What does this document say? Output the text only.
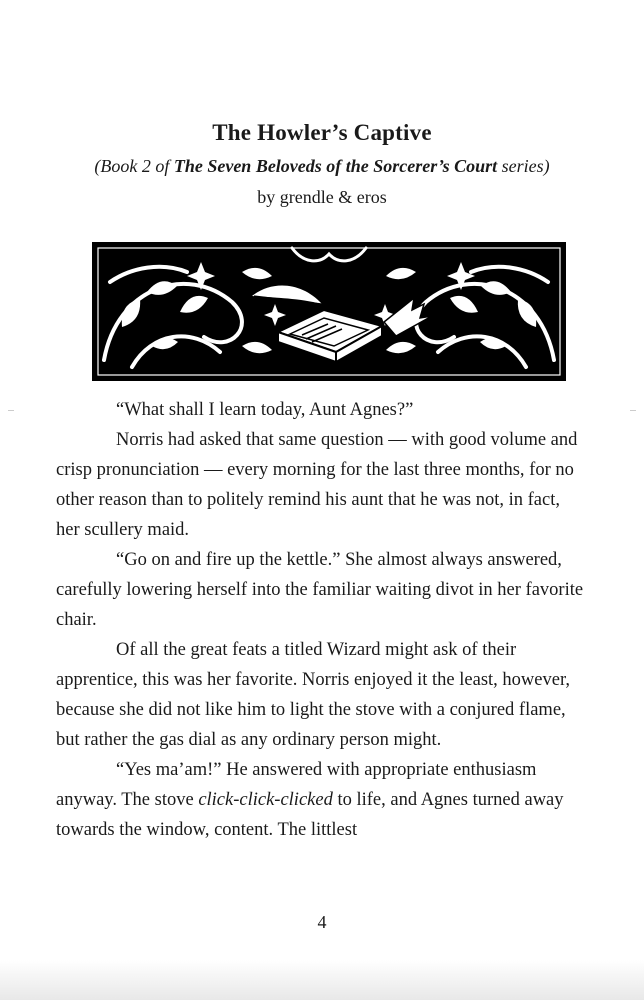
The Howler’s Captive
(Book 2 of The Seven Beloveds of the Sorcerer’s Court series)
by grendle & eros

“What shall I learn today, Aunt Agnes?”

Norris had asked that same question — with good volume and crisp pronunciation — every morning for the last three months, for no other reason than to politely remind his aunt that he was not, in fact, her scullery maid.

“Go on and fire up the kettle.” She almost always answered, carefully lowering herself into the familiar waiting divot in her favorite chair.

Of all the great feats a titled Wizard might ask of their apprentice, this was her favorite. Norris enjoyed it the least, however, because she did not like him to light the stove with a conjured flame, but rather the gas dial as any ordinary person might.

“Yes ma’am!” He answered with appropriate enthusiasm anyway. The stove click-click-clicked to life, and Agnes turned away towards the window, content. The littlest

4
